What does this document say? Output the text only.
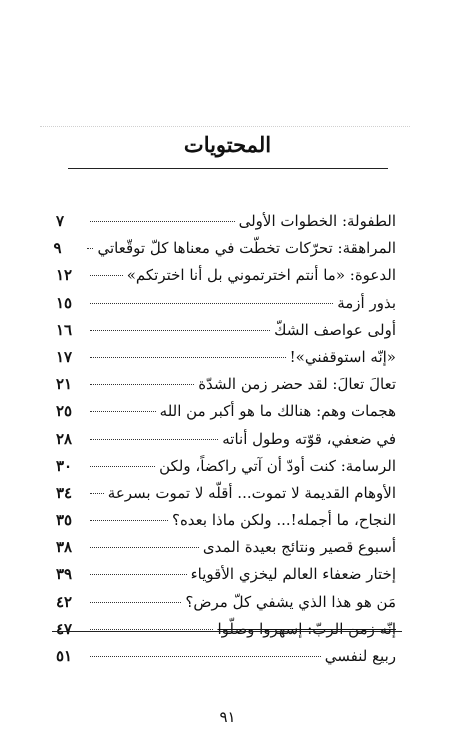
المحتويات
الطفولة: الخطوات الأولى
٧
المراهقة: تحرّكات تخطّت في معناها كلّ توقّعاتي
٩
الدعوة: «ما أنتم اخترتموني بل أنا اخترتكم»
١٢
بذور أزمة
١٥
أولى عواصف الشكّ
١٦
«إنّه استوقفني»!
١٧
تعالَ تعالَ: لقد حضر زمن الشدّة
٢١
هجمات وهم: هنالك ما هو أكبر من الله
٢٥
في ضعفي، قوّته وطول أناته
٢٨
الرسامة: كنت أودّ أن آتي راكضاً، ولكن
٣٠
الأوهام القديمة لا تموت... أقلّه لا تموت بسرعة
٣٤
النجاح، ما أجمله!... ولكن ماذا بعده؟
٣٥
أسبوع قصير ونتائج بعيدة المدى
٣٨
إختار ضعفاء العالم ليخزي الأقوياء
٣٩
مَن هو هذا الذي يشفي كلّ مرض؟
٤٢
إنّه زمن الربّ: إسهروا وصلّوا
٤٧
ربيع لنفسي
٥١
٩١
